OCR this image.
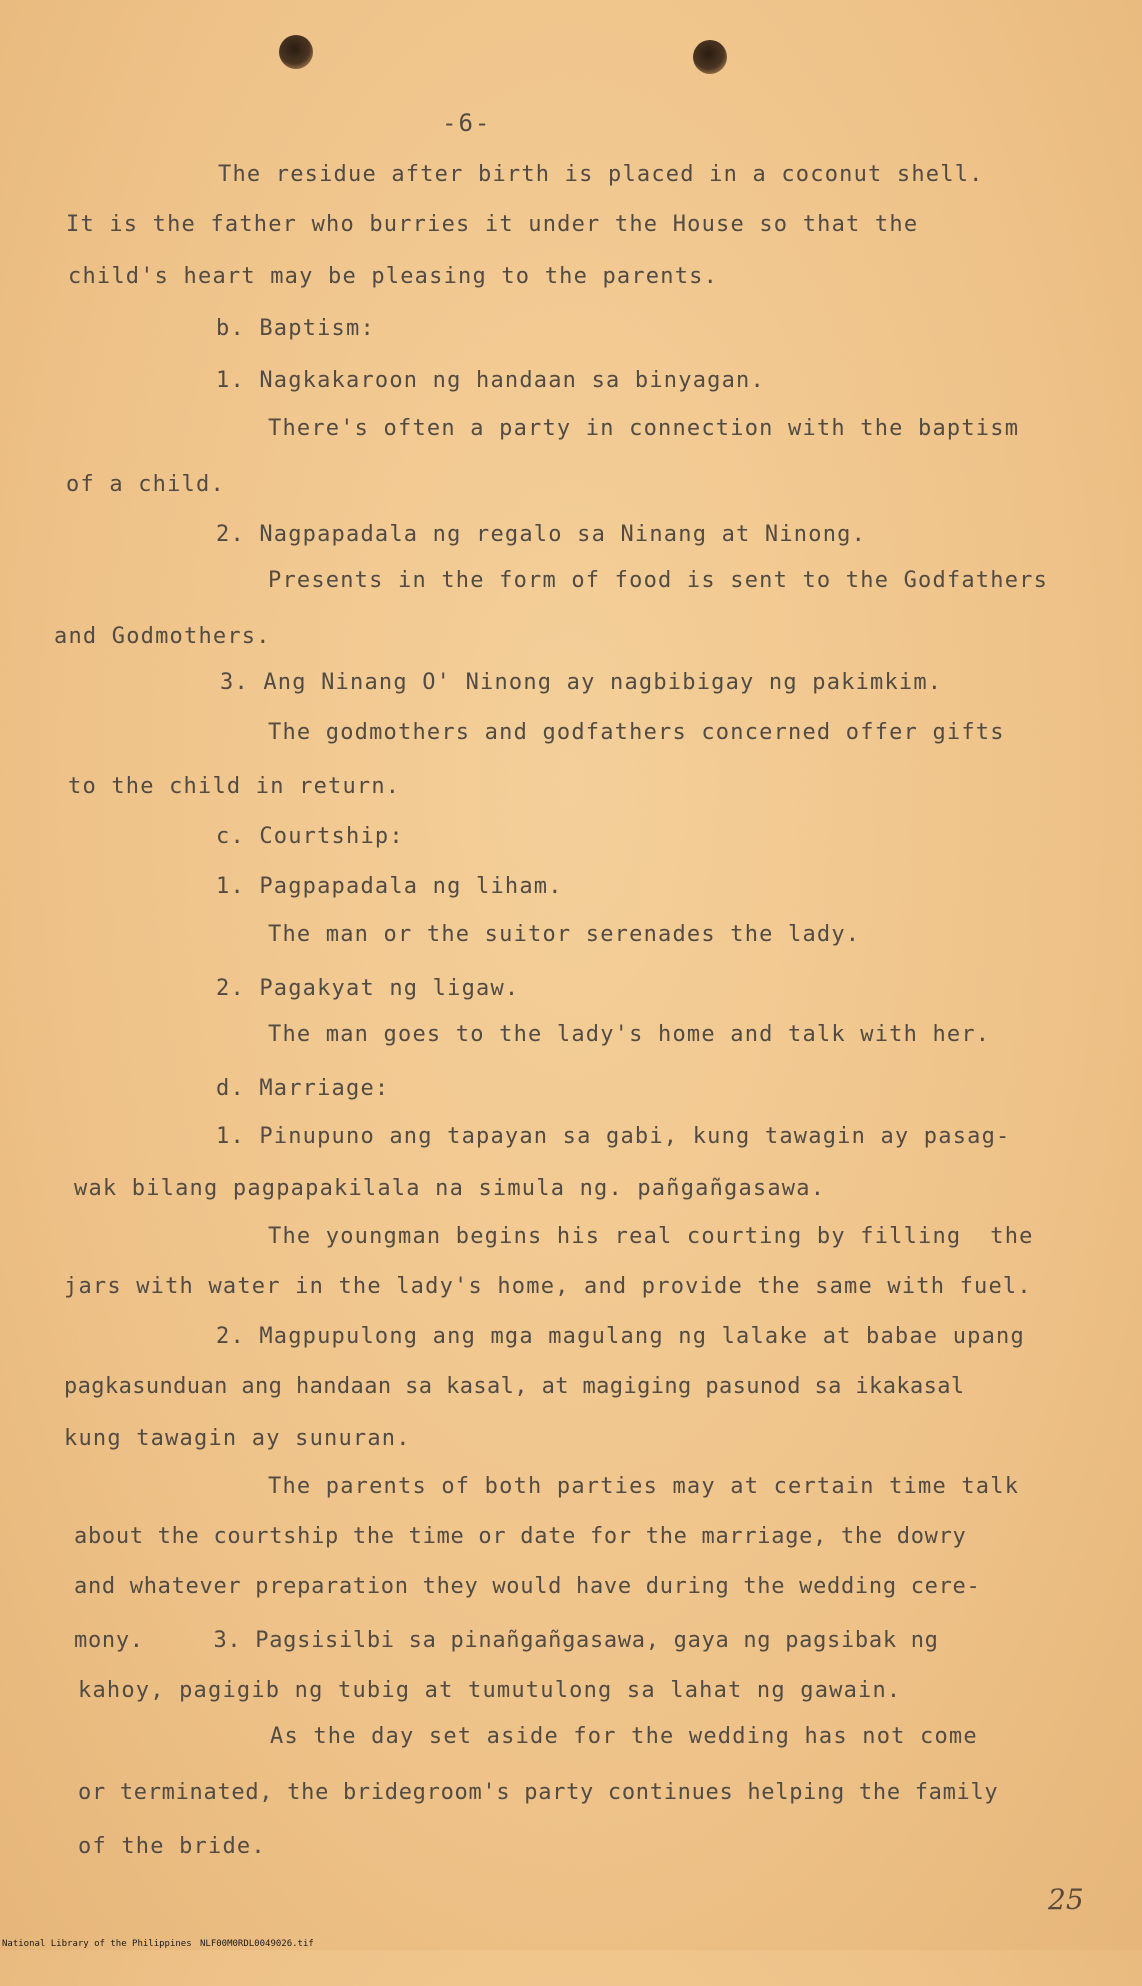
-6-
The residue after birth is placed in a coconut shell.
It is the father who burries it under the House so that the
child's heart may be pleasing to the parents.
b. Baptism:
1. Nagkakaroon ng handaan sa binyagan.
There's often a party in connection with the baptism
of a child.
2. Nagpapadala ng regalo sa Ninang at Ninong.
Presents in the form of food is sent to the Godfathers
and Godmothers.
3. Ang Ninang O' Ninong ay nagbibigay ng pakimkim.
The godmothers and godfathers concerned offer gifts
to the child in return.
c. Courtship:
1. Pagpapadala ng liham.
The man or the suitor serenades the lady.
2. Pagakyat ng ligaw.
The man goes to the lady's home and talk with her.
d. Marriage:
1. Pinupuno ang tapayan sa gabi, kung tawagin ay pasag-
wak bilang pagpapakilala na simula ng. pañgañgasawa.
The youngman begins his real courting by filling  the
jars with water in the lady's home, and provide the same with fuel.
2. Magpupulong ang mga magulang ng lalake at babae upang
pagkasunduan ang handaan sa kasal, at magiging pasunod sa ikakasal
kung tawagin ay sunuran.
The parents of both parties may at certain time talk
about the courtship the time or date for the marriage, the dowry
and whatever preparation they would have during the wedding cere-
mony.     3. Pagsisilbi sa pinañgañgasawa, gaya ng pagsibak ng
kahoy, pagigib ng tubig at tumutulong sa lahat ng gawain.
As the day set aside for the wedding has not come
or terminated, the bridegroom's party continues helping the family
of the bride.
25

National Library of the Philippines

NLF00M0RDL0049026.tif
